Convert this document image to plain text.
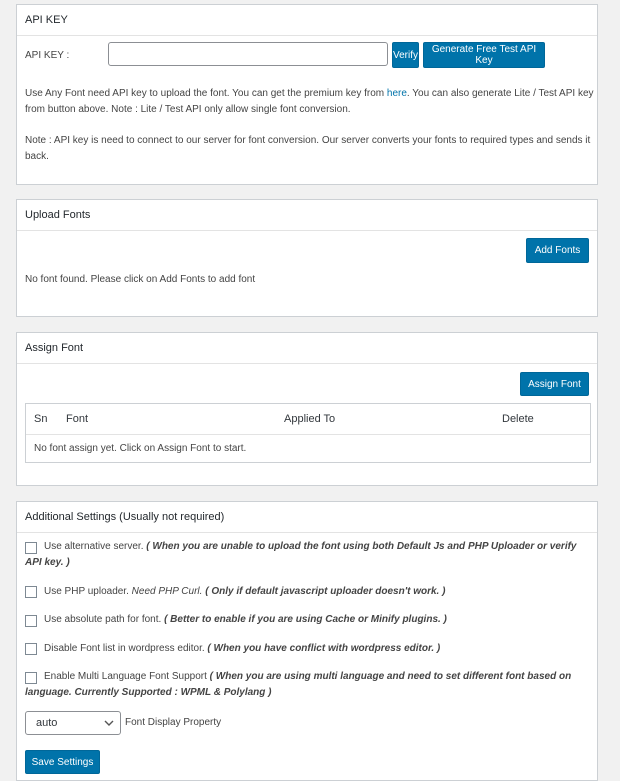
API KEY
API KEY :	Verify	Generate Free Test API Key
Use Any Font need API key to upload the font. You can get the premium key from here. You can also generate Lite / Test API key from button above. Note : Lite / Test API only allow single font conversion.
Note : API key is need to connect to our server for font conversion. Our server converts your fonts to required types and sends it back.
Upload Fonts
Add Fonts
No font found. Please click on Add Fonts to add font
Assign Font
Assign Font
Sn Font	Applied To	Delete
No font assign yet. Click on Assign Font to start.
Additional Settings (Usually not required)
Use alternative server. ( When you are unable to upload the font using both Default Js and PHP Uploader or verify API key. )
Use PHP uploader. Need PHP Curl. ( Only if default javascript uploader doesn't work. )
Use absolute path for font. ( Better to enable if you are using Cache or Minify plugins. )
Disable Font list in wordpress editor. ( When you have conflict with wordpress editor. )
Enable Multi Language Font Support ( When you are using multi language and need to set different font based on language. Currently Supported : WPML & Polylang )
auto	Font Display Property
Save Settings
